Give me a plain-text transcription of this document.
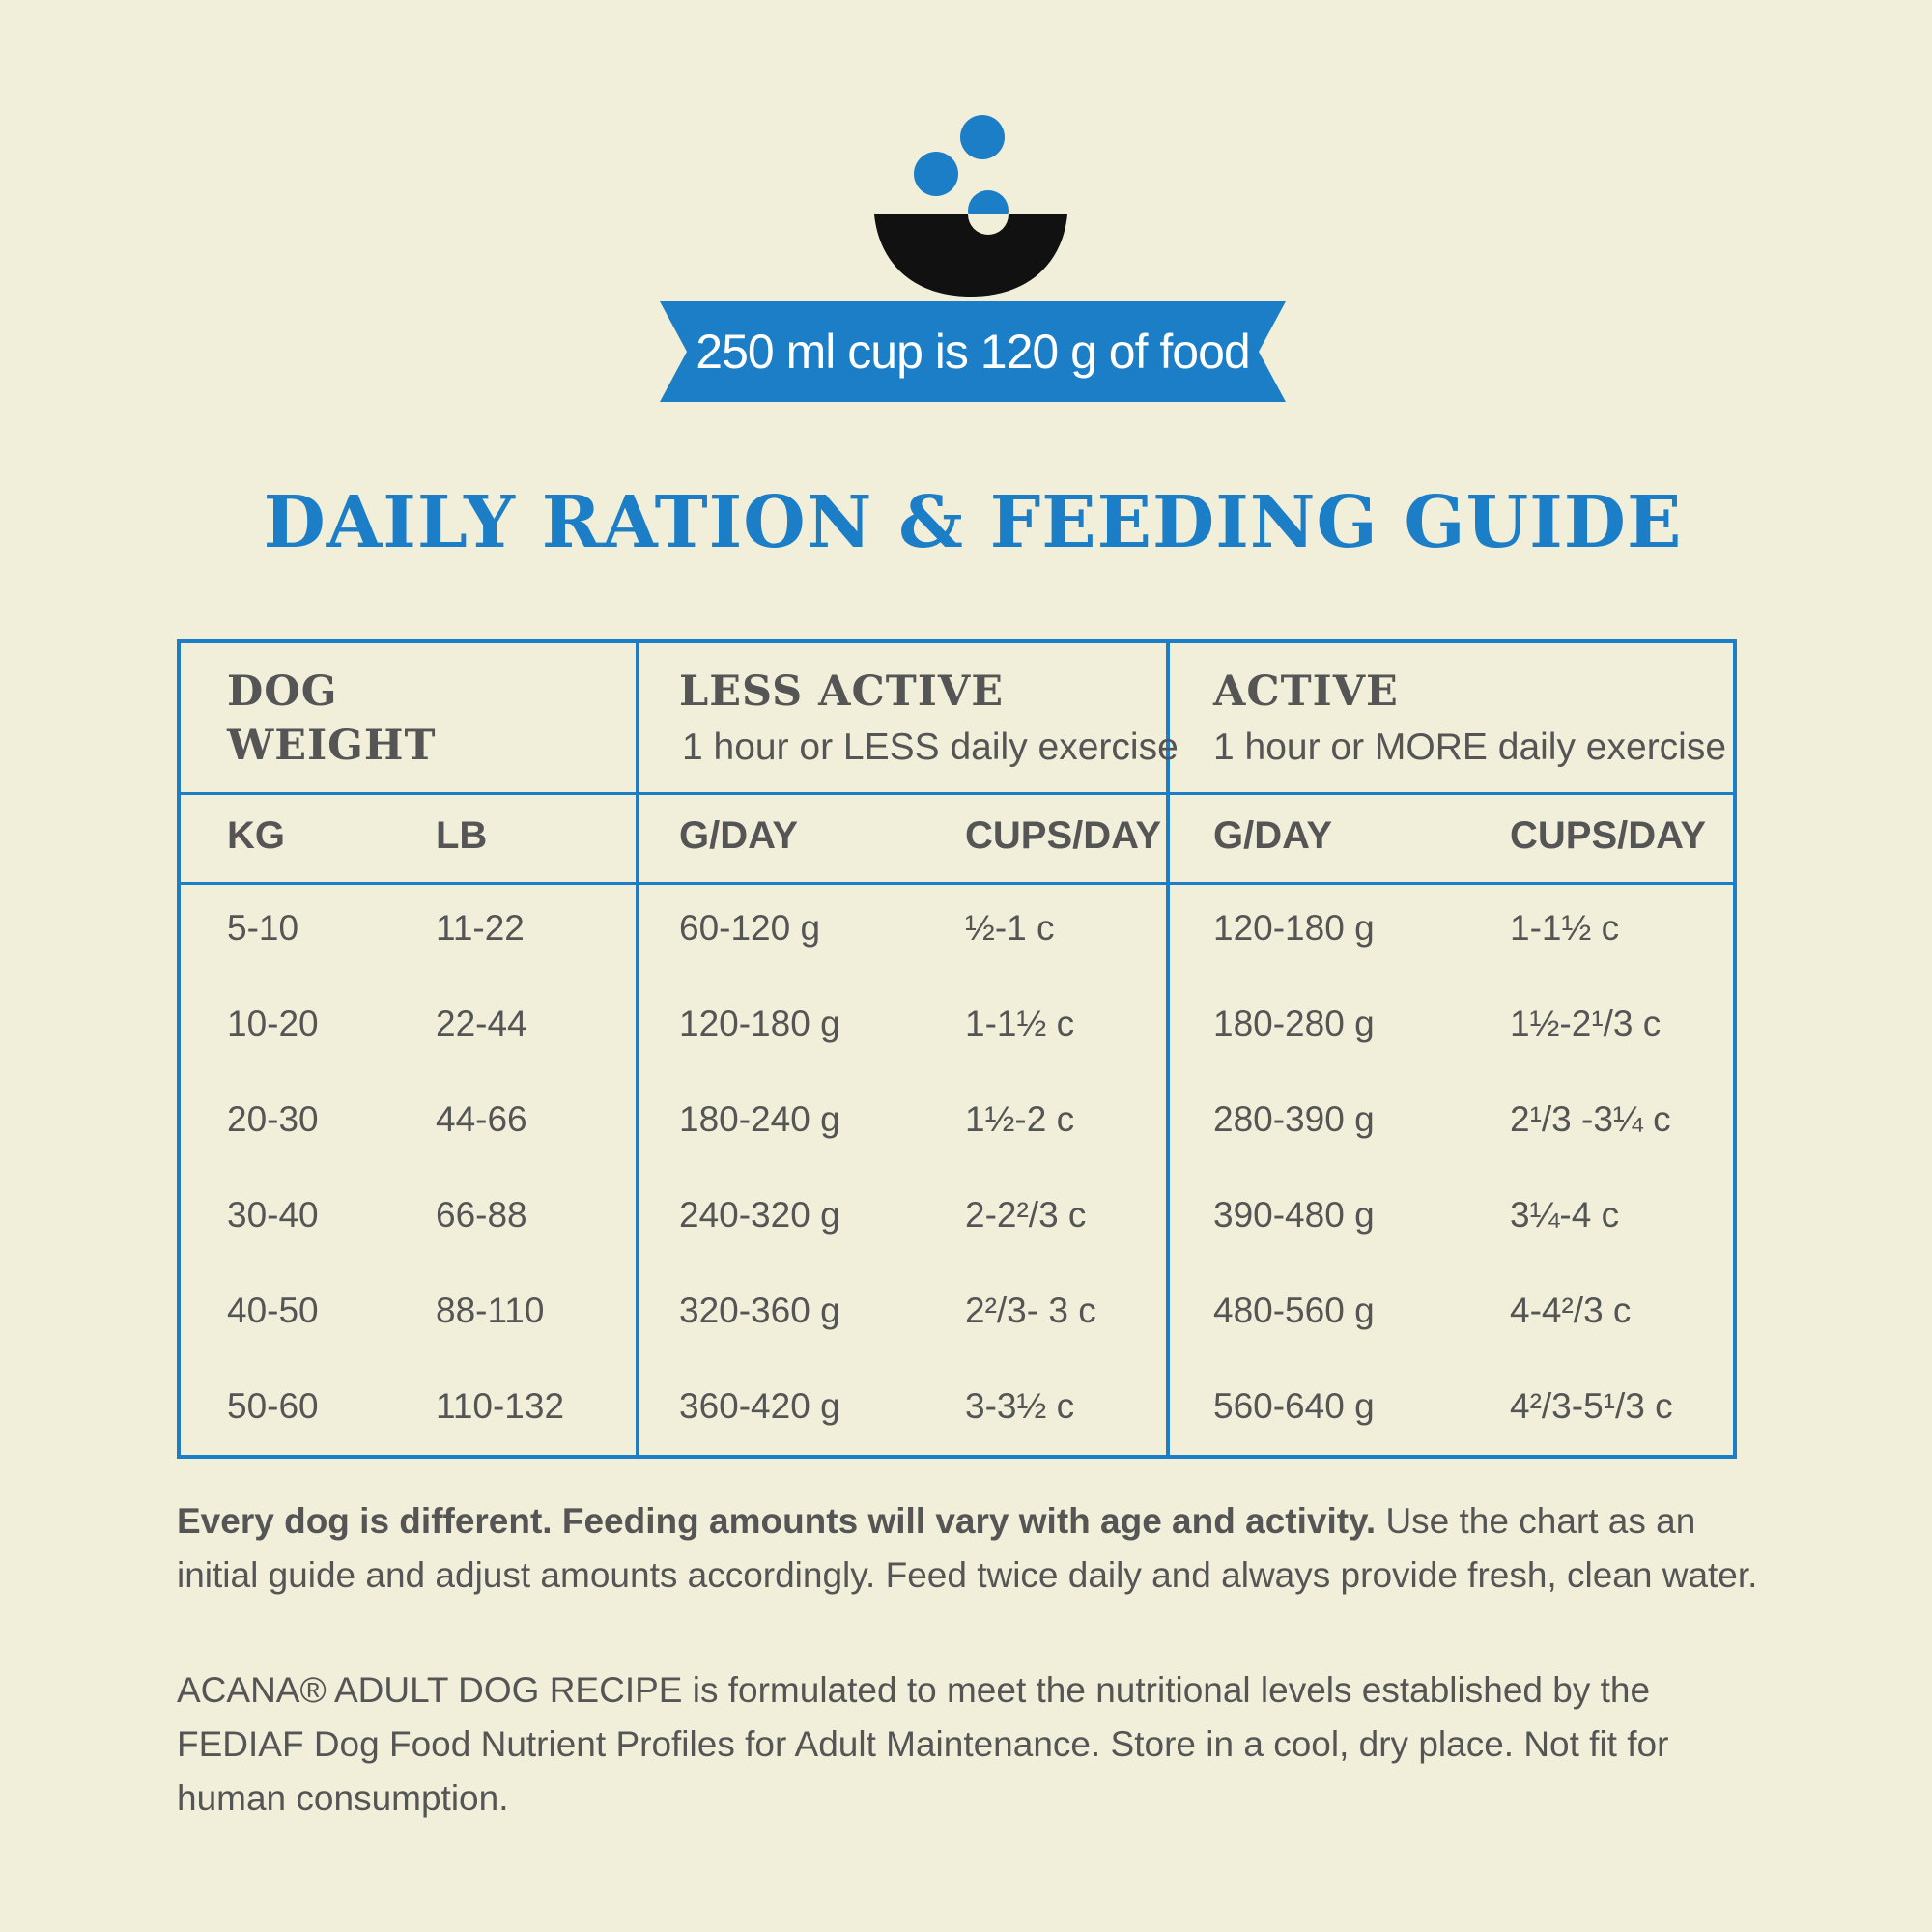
250 ml cup is 120 g of food
DAILY RATION & FEEDING GUIDE
DOG WEIGHT
LESS ACTIVE
1 hour or LESS daily exercise
ACTIVE
1 hour or MORE daily exercise
KG	LB	G/DAY	CUPS/DAY G/DAY	CUPS/DAY
5-10	11-22	60-120 g	½-1 c	120-180 g	1-1½ c
10-20	22-44	120-180 g	1-1½ c	180-280 g	1½-2¹/3 c
20-30	44-66	180-240 g	1½-2 c	280-390 g	2¹/3 -3¼ c
30-40	66-88	240-320 g	2-2²/3 c	390-480 g	3¼-4 c
40-50	88-110	320-360 g	2²/3- 3 c	480-560 g	4-4²/3 c
50-60	110-132	360-420 g	3-3½ c	560-640 g	4²/3-5¹/3 c

Every dog is different. Feeding amounts will vary with age and activity. Use the chart as an initial guide and adjust amounts accordingly. Feed twice daily and always provide fresh, clean water.

ACANA® ADULT DOG RECIPE is formulated to meet the nutritional levels established by the FEDIAF Dog Food Nutrient Profiles for Adult Maintenance. Store in a cool, dry place. Not fit for human consumption.
